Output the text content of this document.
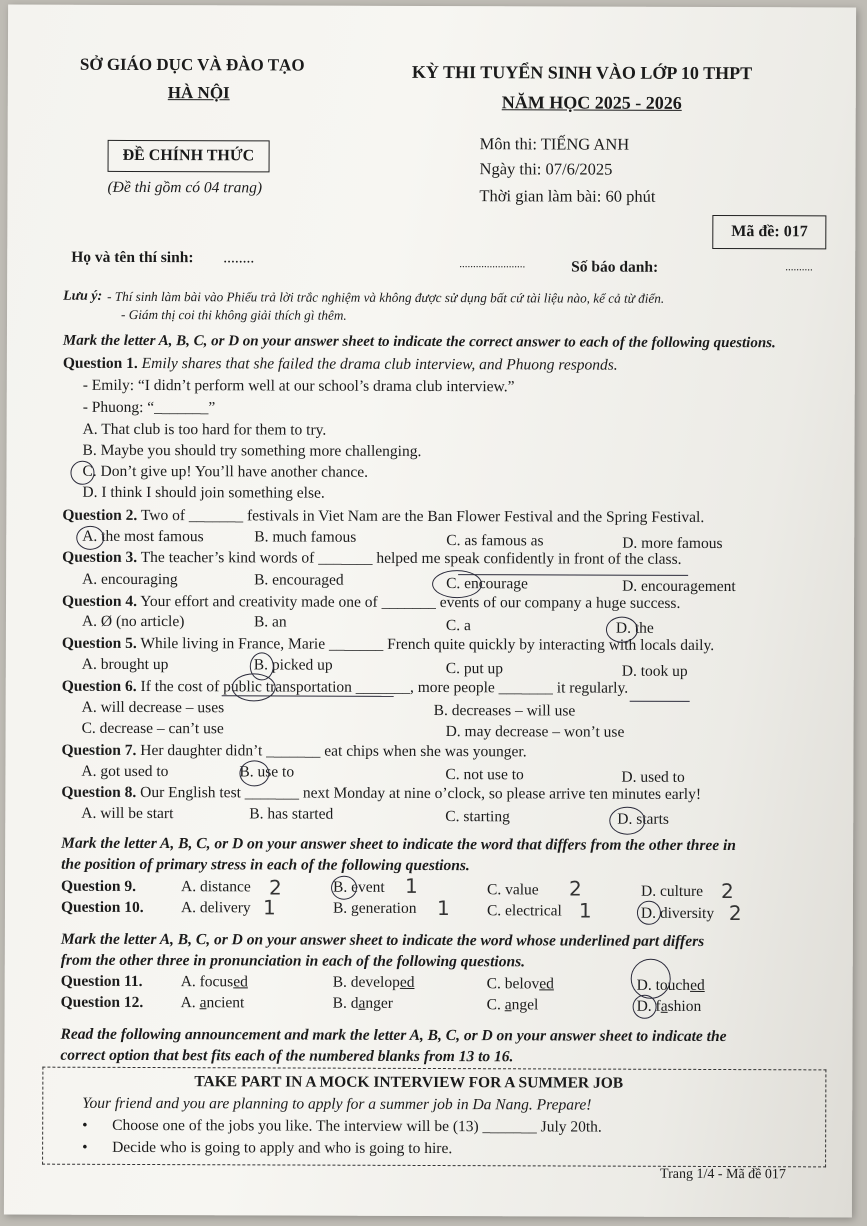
SỞ GIÁO DỤC VÀ ĐÀO TẠO
HÀ NỘI
KỲ THI TUYỂN SINH VÀO LỚP 10 THPT
NĂM HỌC 2025 - 2026
ĐỀ CHÍNH THỨC
(Đề thi gồm có 04 trang)
Môn thi: TIẾNG ANH
Ngày thi: 07/6/2025
Thời gian làm bài: 60 phút
Mã đề: 017
Họ và tên thí sinh: ........	........................	Số báo danh:	..........
Lưu ý: - Thí sinh làm bài vào Phiếu trả lời trắc nghiệm và không được sử dụng bất cứ tài liệu nào, kể cả từ điển.
- Giám thị coi thi không giải thích gì thêm.
Mark the letter A, B, C, or D on your answer sheet to indicate the correct answer to each of the following questions.
Question 1. Emily shares that she failed the drama club interview, and Phuong responds.
- Emily: “I didn’t perform well at our school’s drama club interview.”
- Phuong: “_______”
A. That club is too hard for them to try.
B. Maybe you should try something more challenging.
C. Don’t give up! You’ll have another chance.
D. I think I should join something else.
Question 2. Two of _______ festivals in Viet Nam are the Ban Flower Festival and the Spring Festival.
A. the most famous	B. much famous	C. as famous as	D. more famous
Question 3. The teacher’s kind words of _______ helped me speak confidently in front of the class.
A. encouraging	B. encouraged	C. encourage	D. encouragement
Question 4. Your effort and creativity made one of _______ events of our company a huge success.
A. Ø (no article)	B. an	C. a	D. the
Question 5. While living in France, Marie _______ French quite quickly by interacting with locals daily.
A. brought up	B. picked up	C. put up	D. took up
Question 6. If the cost of public transportation _______, more people _______ it regularly.
A. will decrease – uses	B. decreases – will use
C. decrease – can’t use	D. may decrease – won’t use
Question 7. Her daughter didn’t _______ eat chips when she was younger.
A. got used to	B. use to	C. not use to	D. used to
Question 8. Our English test _______ next Monday at nine o’clock, so please arrive ten minutes early!
A. will be start	B. has started	C. starting	D. starts
Mark the letter A, B, C, or D on your answer sheet to indicate the word that differs from the other three in
the position of primary stress in each of the following questions.
Question 9.	A. distance 2	B. event 1	C. value 2	D. culture 2
Question 10. A. delivery 1	B. generation 1 C. electrical 1	D. diversity 2
Mark the letter A, B, C, or D on your answer sheet to indicate the word whose underlined part differs
from the other three in pronunciation in each of the following questions.
Question 11. A. focused	B. developed	C. beloved	D. touched
Question 12. A. ancient	B. danger	C. angel	D. fashion
Read the following announcement and mark the letter A, B, C, or D on your answer sheet to indicate the
correct option that best fits each of the numbered blanks from 13 to 16.
TAKE PART IN A MOCK INTERVIEW FOR A SUMMER JOB
Your friend and you are planning to apply for a summer job in Da Nang. Prepare!
• Choose one of the jobs you like. The interview will be (13) _______ July 20th.
• Decide who is going to apply and who is going to hire.
Trang 1/4 - Mã đề 017
